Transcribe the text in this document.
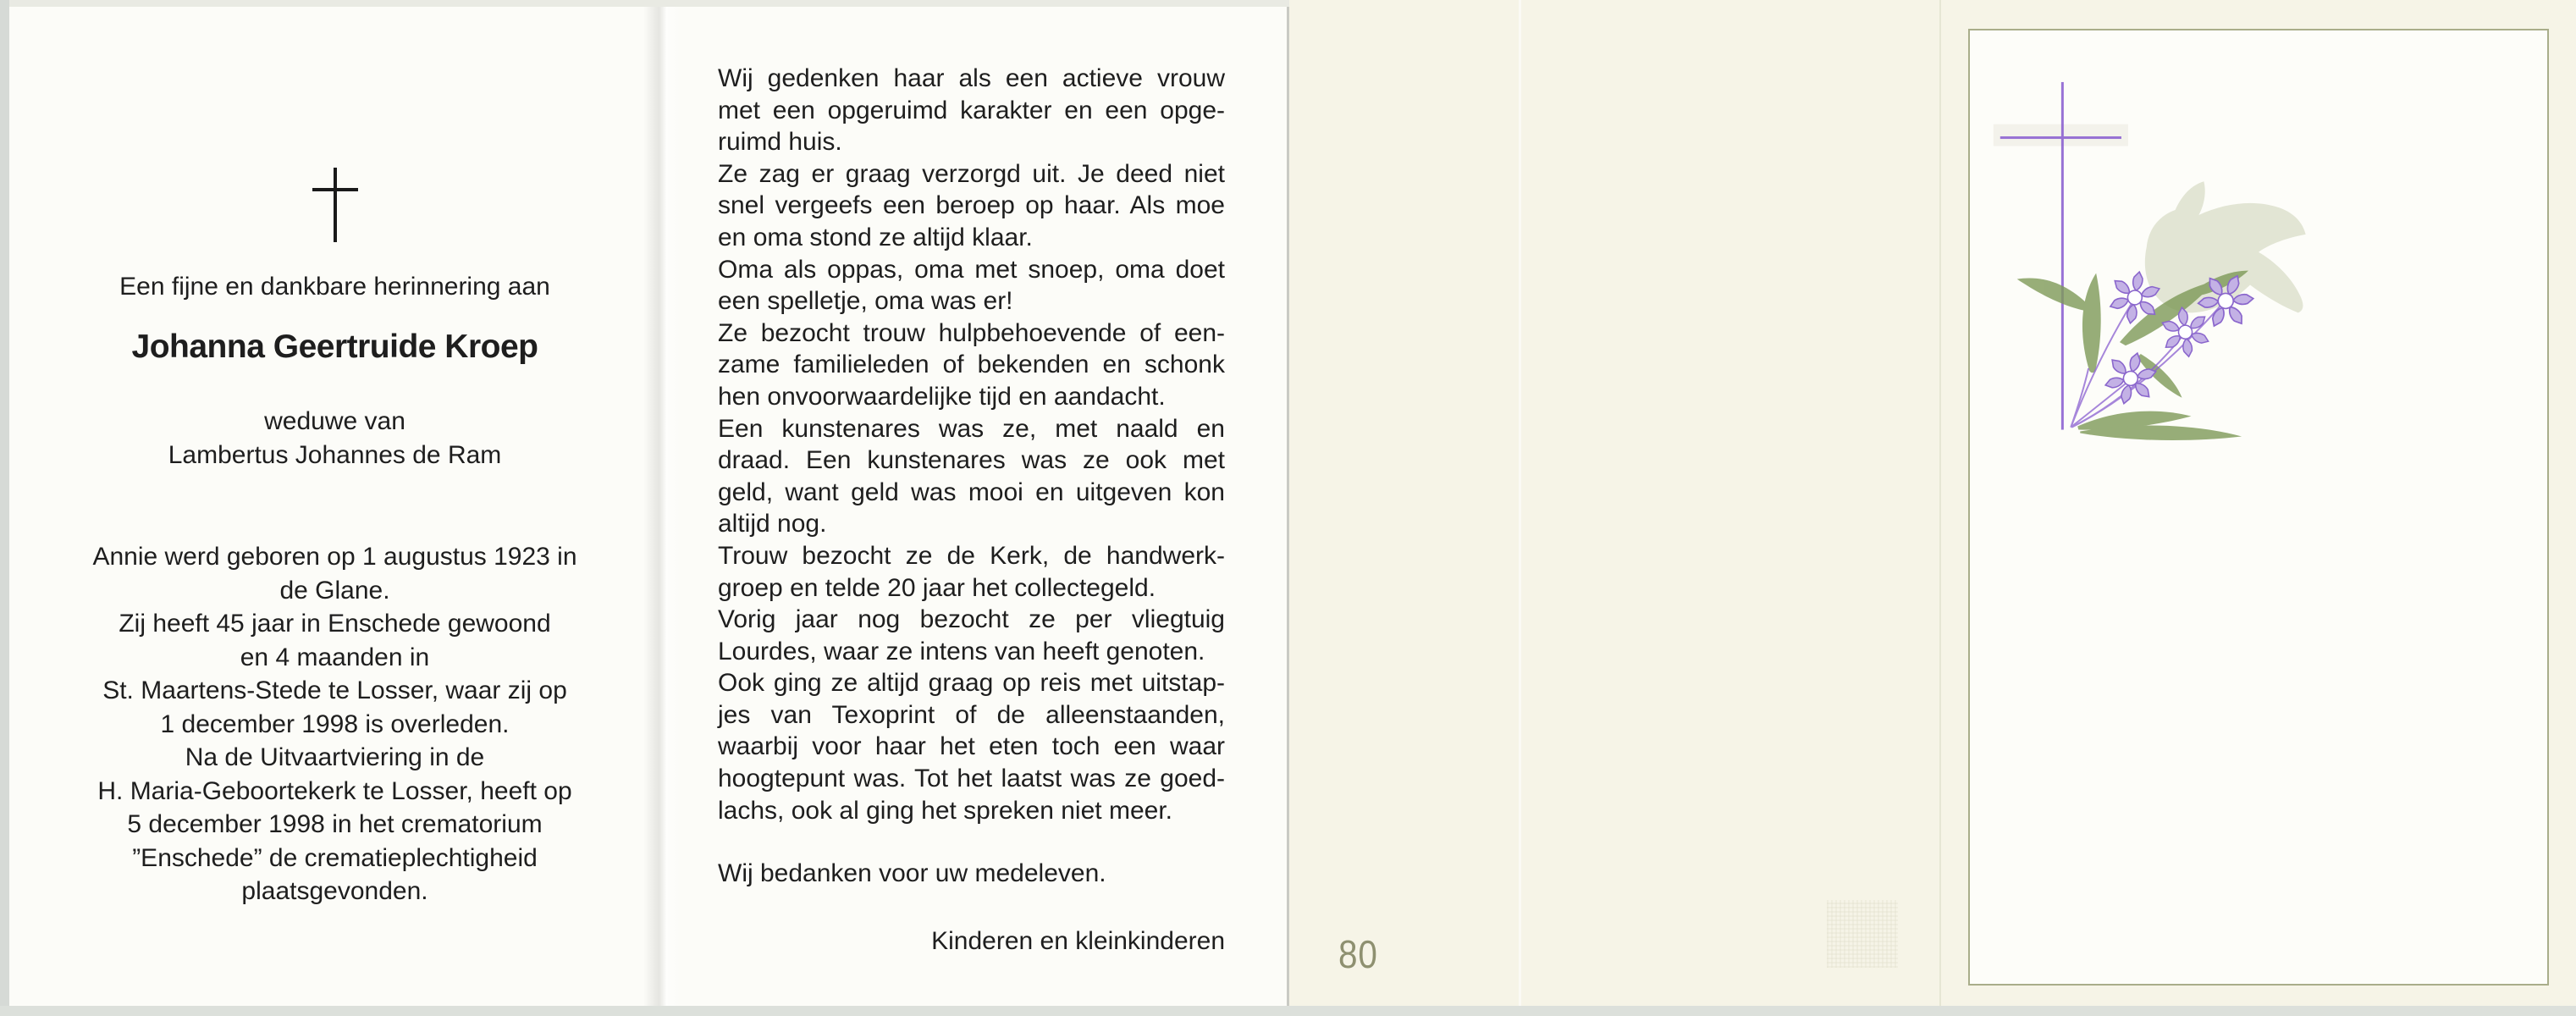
Een fijne en dankbare herinnering aan
Johanna Geertruide Kroep
weduwe van
Lambertus Johannes de Ram
Annie werd geboren op 1 augustus 1923 in
de Glane.
Zij heeft 45 jaar in Enschede gewoond
en 4 maanden in
St. Maartens-Stede te Losser, waar zij op
1 december 1998 is overleden.
Na de Uitvaartviering in de
H. Maria-Geboortekerk te Losser, heeft op
5 december 1998 in het crematorium
”Enschede” de crematieplechtigheid
plaatsgevonden.
Wij gedenken haar als een actieve vrouw
met een opgeruimd karakter en een opge-
ruimd huis.
Ze zag er graag verzorgd uit. Je deed niet
snel vergeefs een beroep op haar. Als moe
en oma stond ze altijd klaar.
Oma als oppas, oma met snoep, oma doet
een spelletje, oma was er!
Ze bezocht trouw hulpbehoevende of een-
zame familieleden of bekenden en schonk
hen onvoorwaardelijke tijd en aandacht.
Een kunstenares was ze, met naald en
draad. Een kunstenares was ze ook met
geld, want geld was mooi en uitgeven kon
altijd nog.
Trouw bezocht ze de Kerk, de handwerk-
groep en telde 20 jaar het collectegeld.
Vorig jaar nog bezocht ze per vliegtuig
Lourdes, waar ze intens van heeft genoten.
Ook ging ze altijd graag op reis met uitstap-
jes van Texoprint of de alleenstaanden,
waarbij voor haar het eten toch een waar
hoogtepunt was. Tot het laatst was ze goed-
lachs, ook al ging het spreken niet meer.
Wij bedanken voor uw medeleven.
Kinderen en kleinkinderen	80
